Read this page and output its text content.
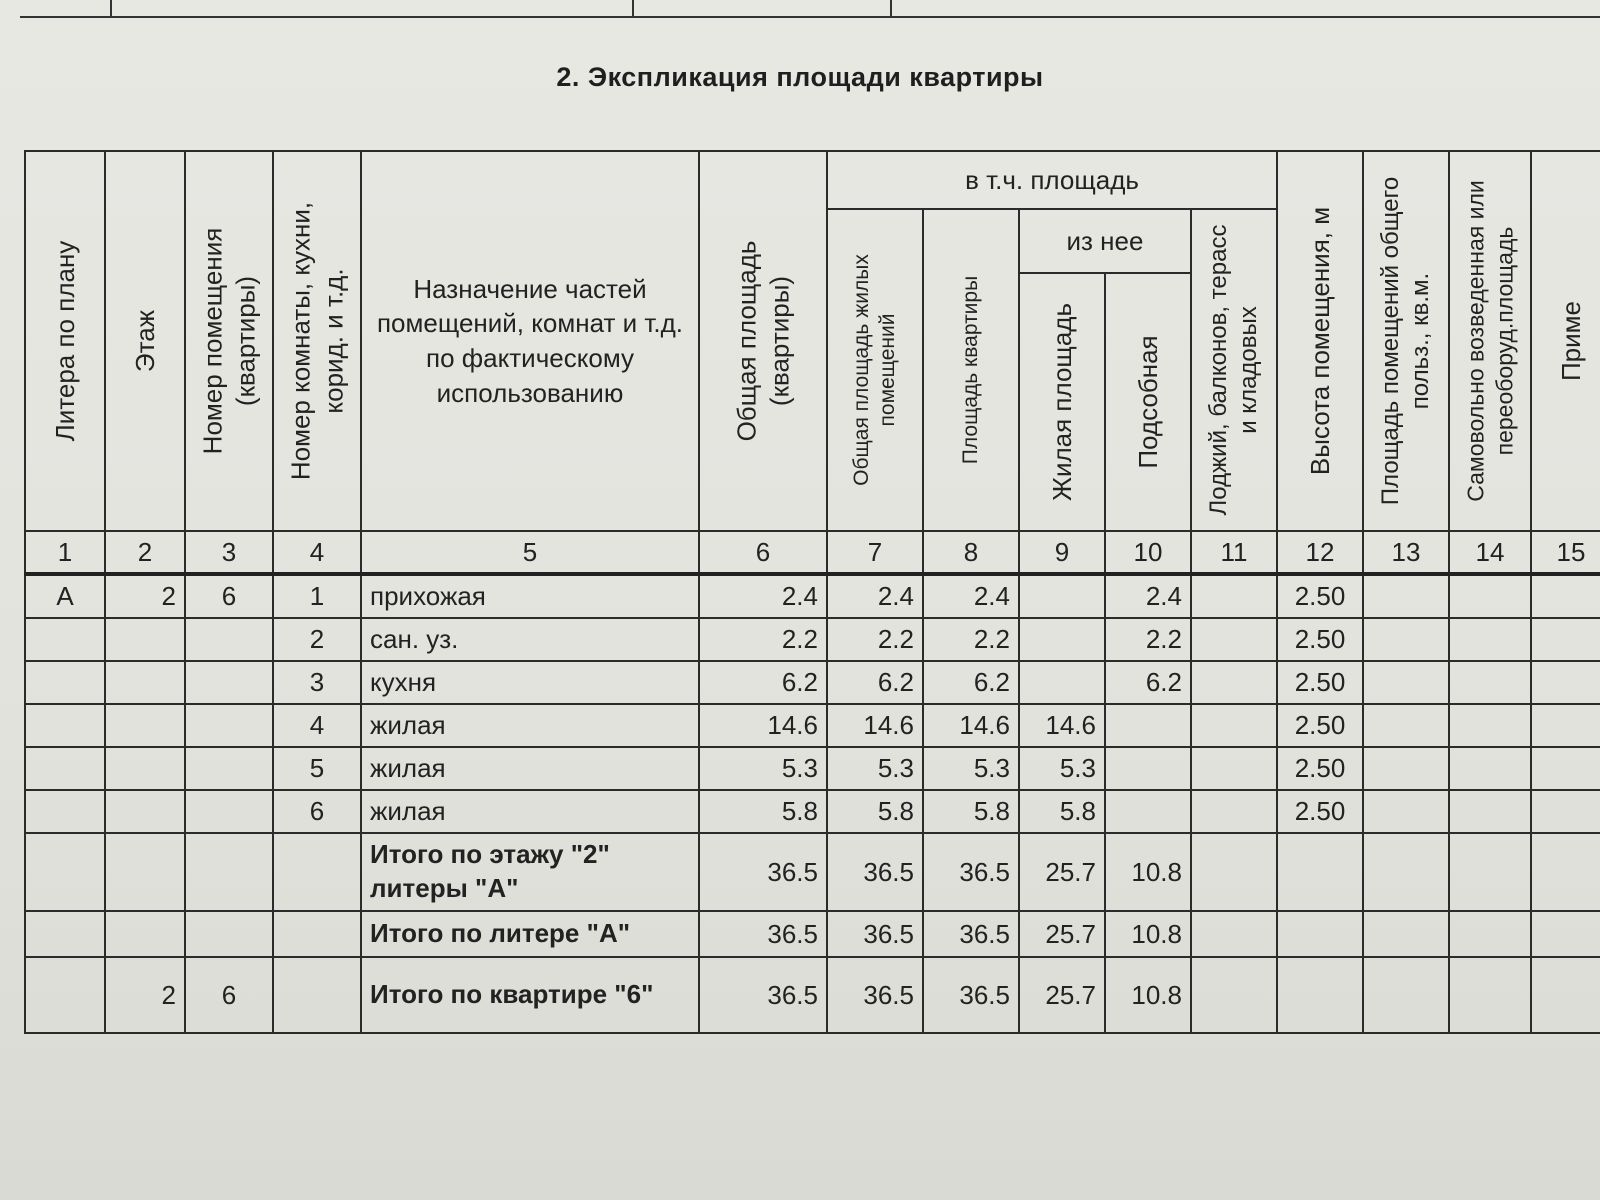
2. Экспликация площади квартиры
Литера по плану	Этаж	Номер помещения (квартиры)	Номер комнаты, кухни, корид. и т.д.	Назначение частей помещений, комнат и т.д. по фактическому использованию	Общая площадь (квартиры)	в т.ч. площадь					Высота помещения, м	Площадь помещений общего польз., кв.м.	Самовольно возведенная или переоборуд.площадь	Приме

						Общая площадь жилых помещений	Площадь квартиры	из нее		Лоджий, балконов, терасс и кладовых				

								Жилая площадь	Подсобная					

1	2	3	4	5	6	7	8	9	10	11	12	13	14	15
А	2	6	1	прихожая	2.4	2.4	2.4		2.4		2.50			
			2	сан. уз.	2.2	2.2	2.2		2.2		2.50			
			3	кухня	6.2	6.2	6.2		6.2		2.50			
			4	жилая	14.6	14.6	14.6	14.6			2.50			
			5	жилая	5.3	5.3	5.3	5.3			2.50			
			6	жилая	5.8	5.8	5.8	5.8			2.50			
				Итого по этажу "2" литеры "А"	36.5	36.5	36.5	25.7	10.8					
				Итого по литере "А"	36.5	36.5	36.5	25.7	10.8					
	2	6		Итого по квартире "6"	36.5	36.5	36.5	25.7	10.8					
